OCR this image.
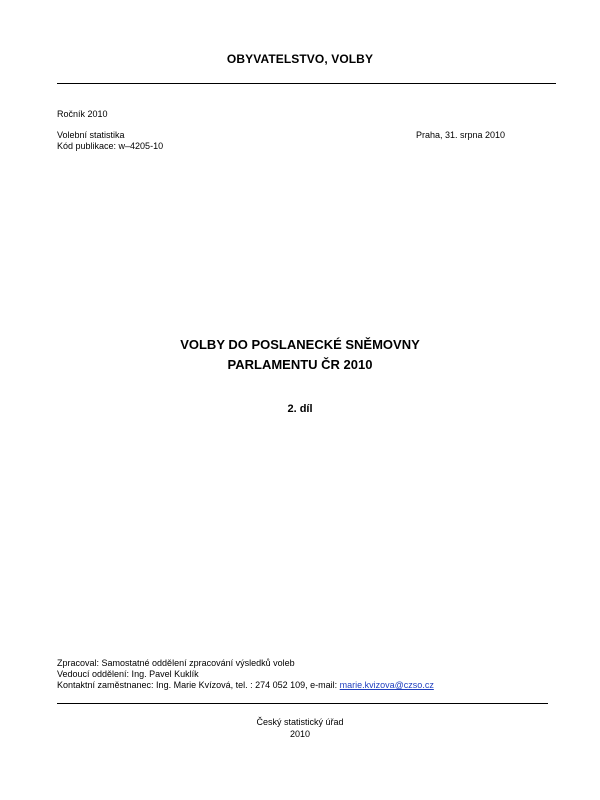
OBYVATELSTVO, VOLBY
Ročník 2010
Volební statistika
Kód publikace: w–4205-10
Praha, 31. srpna 2010
VOLBY DO POSLANECKÉ SNĚMOVNY
PARLAMENTU ČR 2010
2. díl
Zpracoval: Samostatné oddělení zpracování výsledků voleb
Vedoucí oddělení: Ing. Pavel Kuklík
Kontaktní zaměstnanec: Ing. Marie Kvízová, tel. : 274 052 109, e-mail: marie.kvizova@czso.cz
Český statistický úřad
2010
